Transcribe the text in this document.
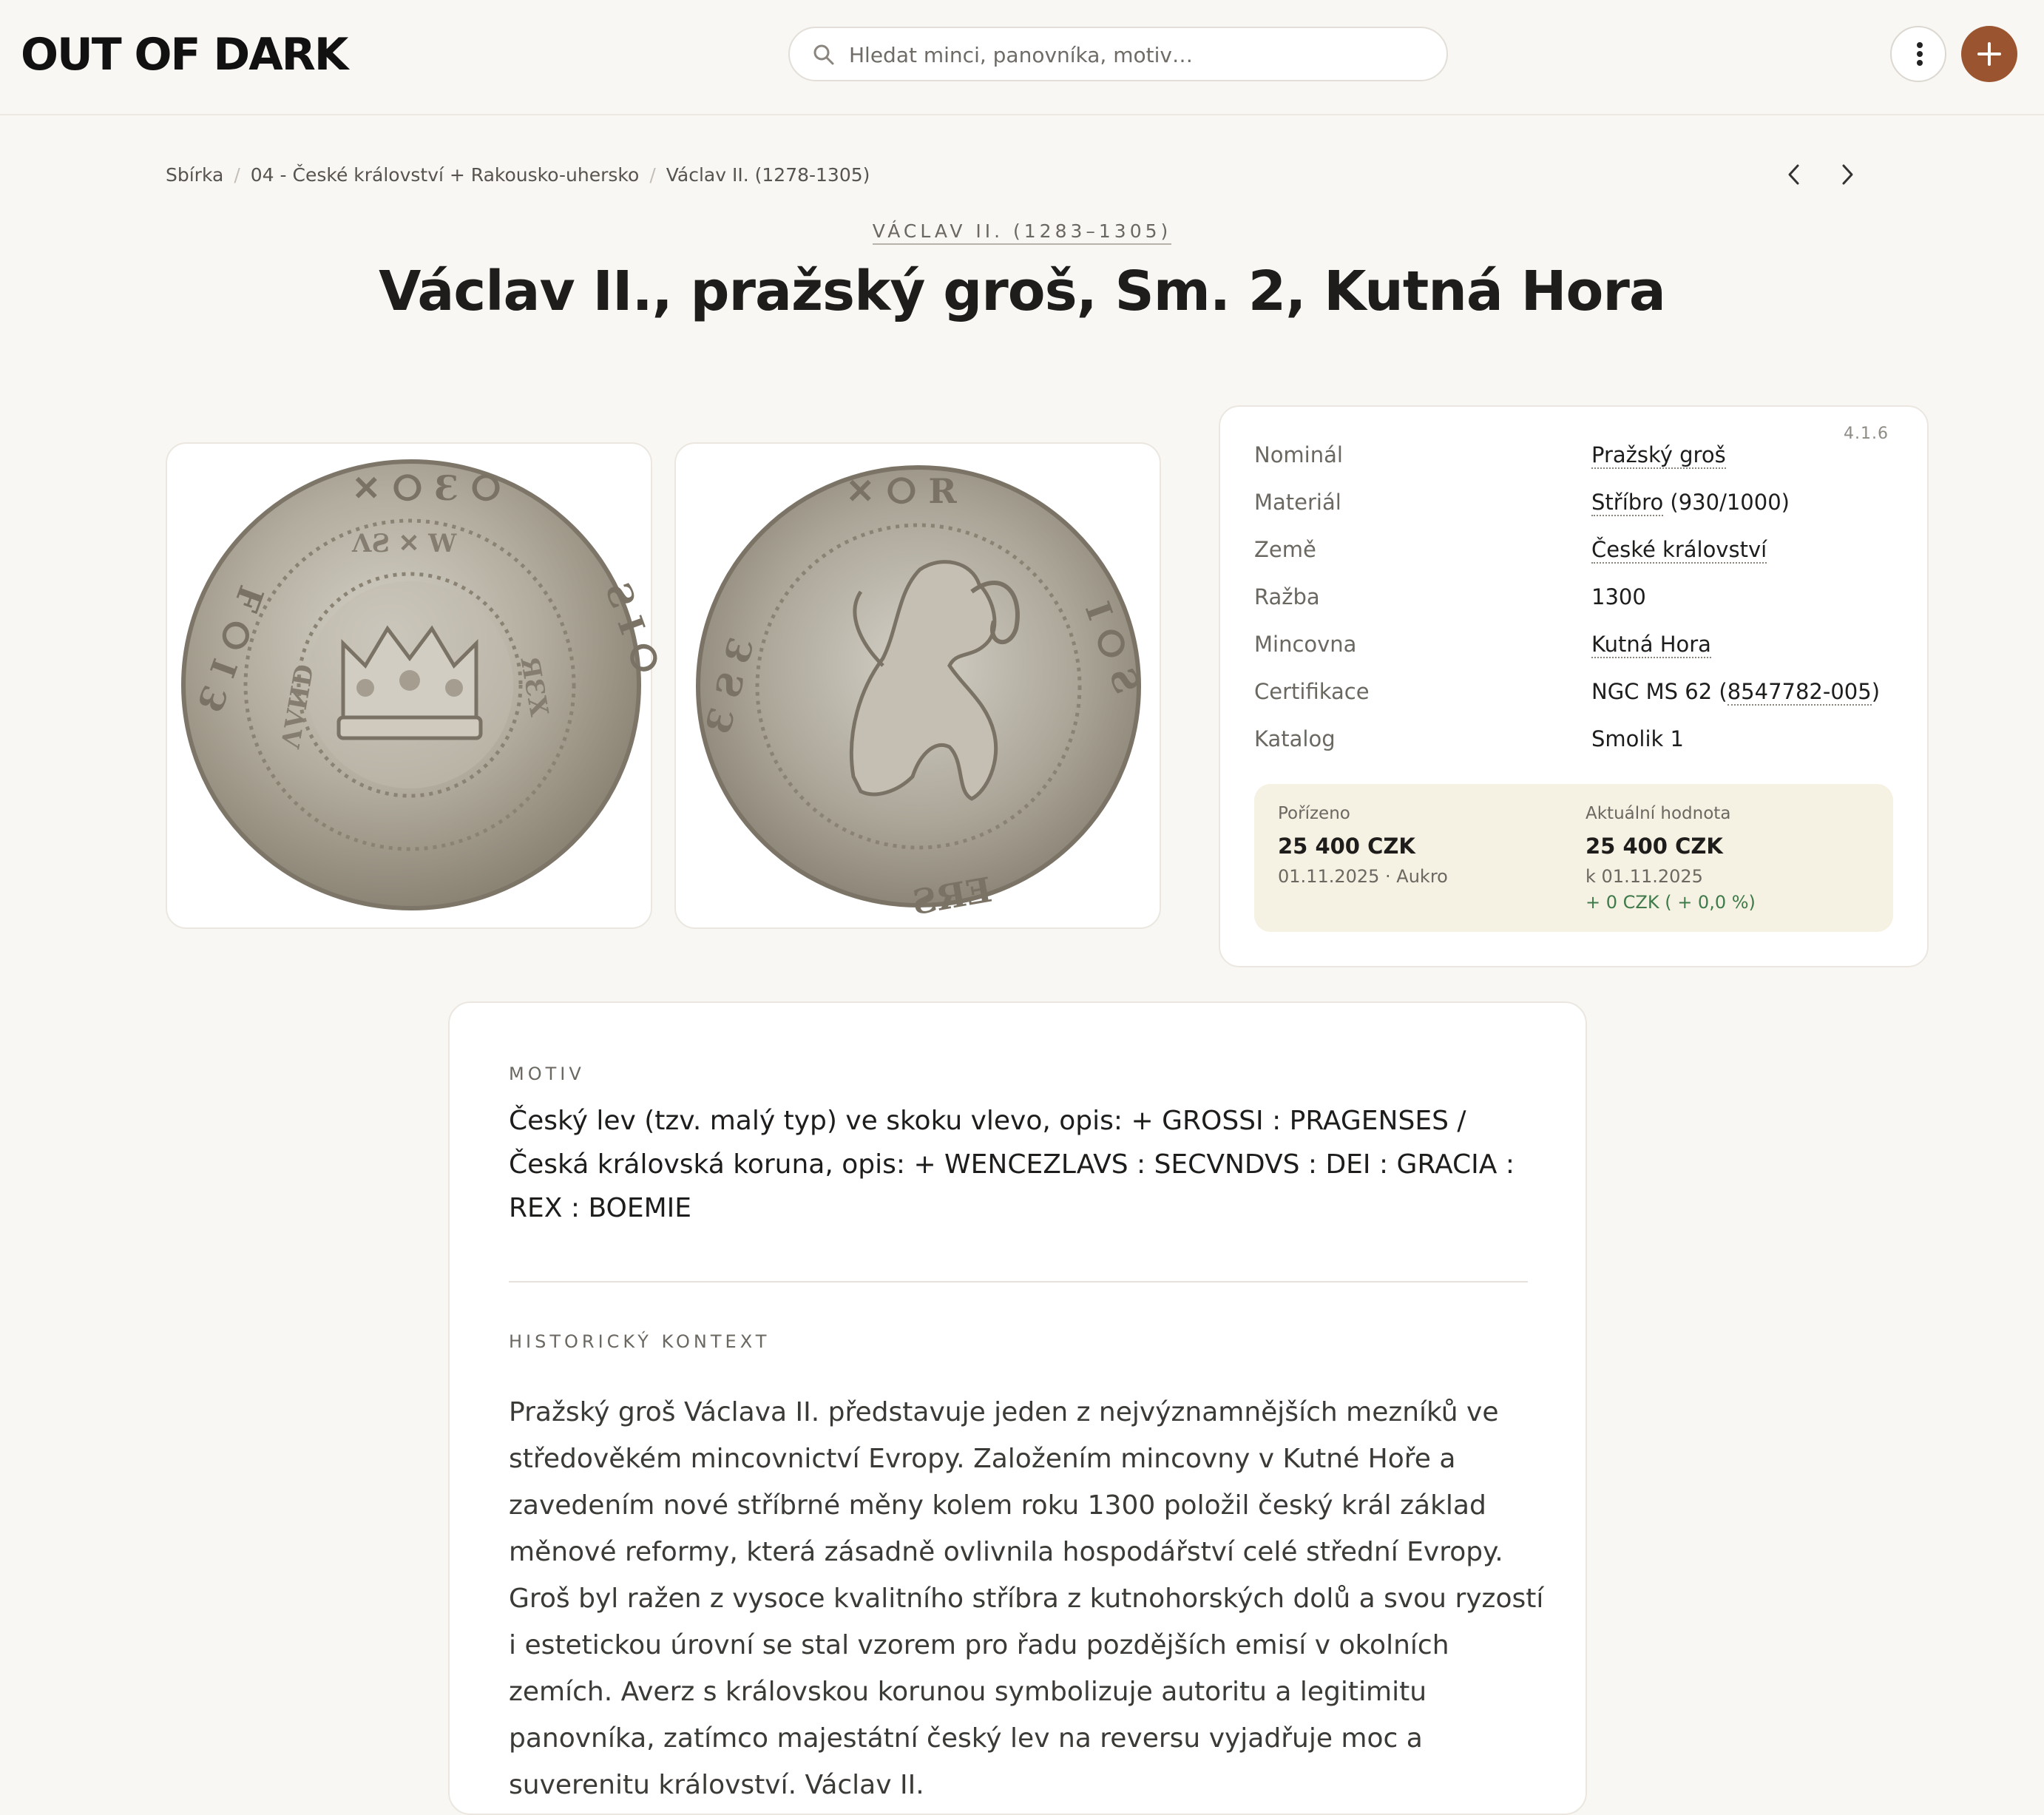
OUT OF DARK
Hledat minci, panovníka, motiv…
Sbírka / 04 - České království + Rakousko-uhersko / Václav II. (1278-1305)
VÁCLAV II. (1283–1305)
Václav II., pražský groš, Sm. 2, Kutná Hora
✕ ⵔ Ɛ ⵔ
Ɛ I ⵔ Ⅎ	Ƨ I ⵔ
ΛƧ ✕ W
ΛVИD	ЯƐX
✕ ⵔ R
Ɛ Ƨ Ɛ	I ⵔ Ƨ
ƧЯƎ
4.1.6
Nominál	Pražský groš
Materiál	Stříbro (930/1000)
Země	České království
Ražba	1300
Mincovna	Kutná Hora
Certifikace	NGC MS 62 (8547782-005)
Katalog	Smolik 1
Pořízeno
25 400 CZK
01.11.2025 · Aukro
Aktuální hodnota
25 400 CZK
k 01.11.2025
+ 0 CZK ( + 0,0 %)
MOTIV

Český lev (tzv. malý typ) ve skoku vlevo, opis: + GROSSI : PRAGENSES / Česká královská koruna, opis: + WENCEZLAVS : SECVNDVS : DEI : GRACIA : REX : BOEMIE

HISTORICKÝ KONTEXT

Pražský groš Václava II. představuje jeden z nejvýznamnějších mezníků ve středověkém mincovnictví Evropy. Založením mincovny v Kutné Hoře a zavedením nové stříbrné měny kolem roku 1300 položil český král základ měnové reformy, která zásadně ovlivnila hospodářství celé střední Evropy. Groš byl ražen z vysoce kvalitního stříbra z kutnohorských dolů a svou ryzostí i estetickou úrovní se stal vzorem pro řadu pozdějších emisí v okolních zemích. Averz s královskou korunou symbolizuje autoritu a legitimitu panovníka, zatímco majestátní český lev na reversu vyjadřuje moc a suverenitu království. Václav II.
